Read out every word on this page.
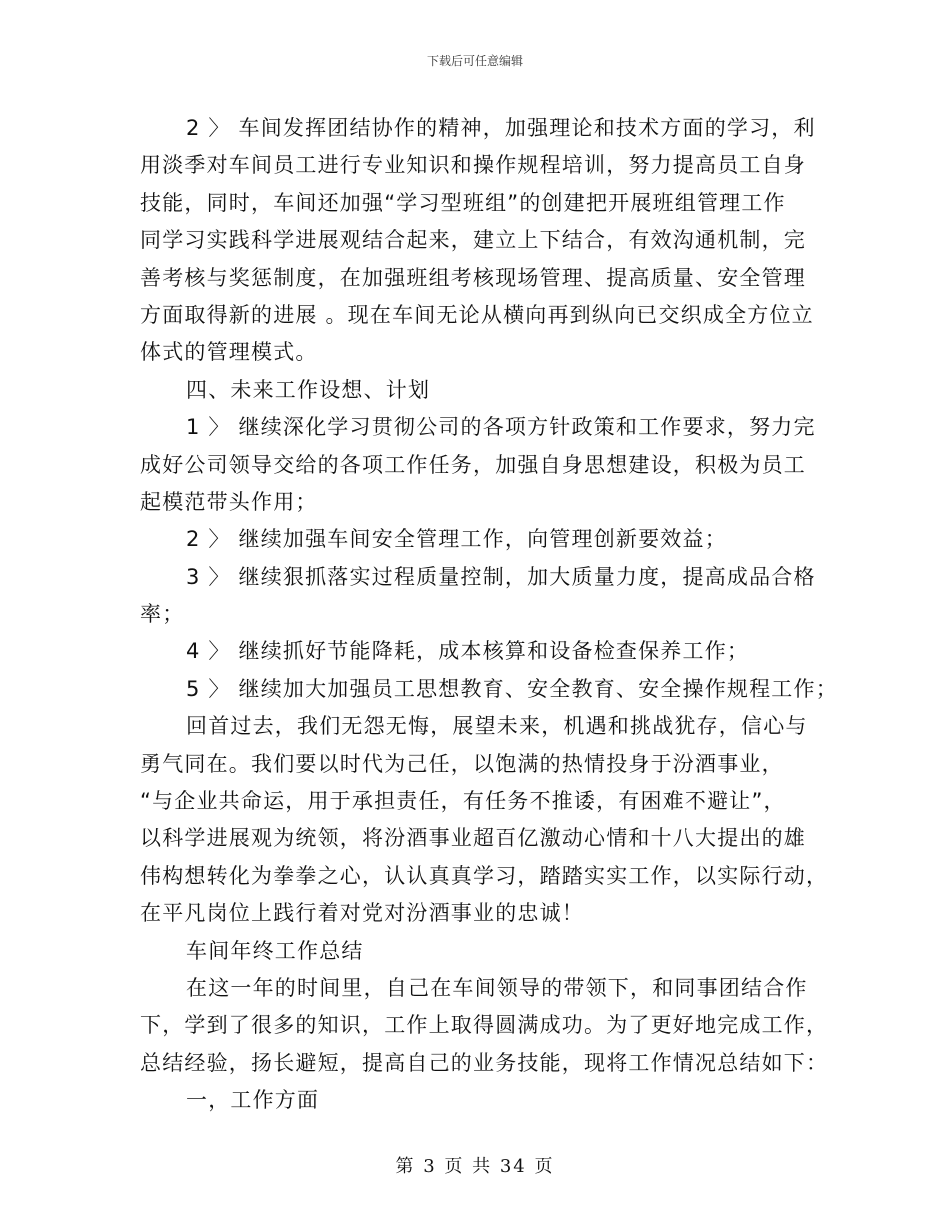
下载后可任意编辑
2 〉 车间发挥团结协作的精神，加强理论和技术方面的学习，利
用淡季对车间员工进行专业知识和操作规程培训，努力提高员工自身
技能，同时，车间还加强“学习型班组”的创建把开展班组管理工作
同学习实践科学进展观结合起来，建立上下结合，有效沟通机制，完
善考核与奖惩制度，在加强班组考核现场管理、提高质量、安全管理
方面取得新的进展 。现在车间无论从横向再到纵向已交织成全方位立
体式的管理模式。
四、未来工作设想、计划
1 〉 继续深化学习贯彻公司的各项方针政策和工作要求，努力完
成好公司领导交给的各项工作任务，加强自身思想建设，积极为员工
起模范带头作用；
2 〉 继续加强车间安全管理工作，向管理创新要效益；
3 〉 继续狠抓落实过程质量控制，加大质量力度，提高成品合格
率；
4 〉 继续抓好节能降耗，成本核算和设备检查保养工作；
5 〉 继续加大加强员工思想教育、安全教育、安全操作规程工作；
回首过去，我们无怨无悔，展望未来，机遇和挑战犹存，信心与
勇气同在。我们要以时代为己任，以饱满的热情投身于汾酒事业，
“与企业共命运，用于承担责任，有任务不推诿，有困难不避让”，
以科学进展观为统领，将汾酒事业超百亿激动心情和十八大提出的雄
伟构想转化为拳拳之心，认认真真学习，踏踏实实工作，以实际行动，
在平凡岗位上践行着对党对汾酒事业的忠诚！
车间年终工作总结
在这一年的时间里，自己在车间领导的带领下，和同事团结合作
下，学到了很多的知识，工作上取得圆满成功。为了更好地完成工作，
总结经验，扬长避短，提高自己的业务技能，现将工作情况总结如下：
一，工作方面
第 3 页 共 34 页
